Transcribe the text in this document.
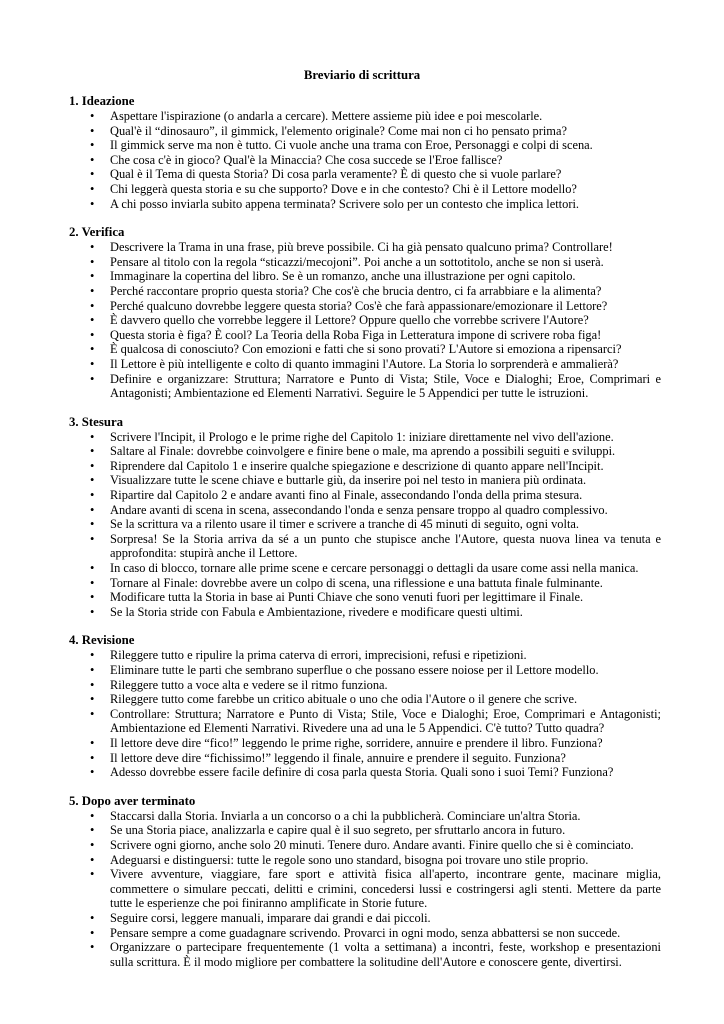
Breviario di scrittura
1. Ideazione
• Aspettare l'ispirazione (o andarla a cercare). Mettere assieme più idee e poi mescolarle.
• Qual'è il “dinosauro”, il gimmick, l'elemento originale? Come mai non ci ho pensato prima?
• Il gimmick serve ma non è tutto. Ci vuole anche una trama con Eroe, Personaggi e colpi di scena.
• Che cosa c'è in gioco? Qual'è la Minaccia? Che cosa succede se l'Eroe fallisce?
• Qual è il Tema di questa Storia? Di cosa parla veramente? È di questo che si vuole parlare?
• Chi leggerà questa storia e su che supporto? Dove e in che contesto? Chi è il Lettore modello?
• A chi posso inviarla subito appena terminata? Scrivere solo per un contesto che implica lettori.
2. Verifica
• Descrivere la Trama in una frase, più breve possibile. Ci ha già pensato qualcuno prima? Controllare!
• Pensare al titolo con la regola “sticazzi/mecojoni”. Poi anche a un sottotitolo, anche se non si userà.
• Immaginare la copertina del libro. Se è un romanzo, anche una illustrazione per ogni capitolo.
• Perché raccontare proprio questa storia? Che cos'è che brucia dentro, ci fa arrabbiare e la alimenta?
• Perché qualcuno dovrebbe leggere questa storia? Cos'è che farà appassionare/emozionare il Lettore?
• È davvero quello che vorrebbe leggere il Lettore? Oppure quello che vorrebbe scrivere l'Autore?
• Questa storia è figa? È cool? La Teoria della Roba Figa in Letteratura impone di scrivere roba figa!
• È qualcosa di conosciuto? Con emozioni e fatti che si sono provati? L'Autore si emoziona a ripensarci?
• Il Lettore è più intelligente e colto di quanto immagini l'Autore. La Storia lo sorprenderà e ammalierà?
• Definire e organizzare: Struttura; Narratore e Punto di Vista; Stile, Voce e Dialoghi; Eroe, Comprimari e Antagonisti; Ambientazione ed Elementi Narrativi. Seguire le 5 Appendici per tutte le istruzioni.
3. Stesura
• Scrivere l'Incipit, il Prologo e le prime righe del Capitolo 1: iniziare direttamente nel vivo dell'azione.
• Saltare al Finale: dovrebbe coinvolgere e finire bene o male, ma aprendo a possibili seguiti e sviluppi.
• Riprendere dal Capitolo 1 e inserire qualche spiegazione e descrizione di quanto appare nell'Incipit.
• Visualizzare tutte le scene chiave e buttarle giù, da inserire poi nel testo in maniera più ordinata.
• Ripartire dal Capitolo 2 e andare avanti fino al Finale, assecondando l'onda della prima stesura.
• Andare avanti di scena in scena, assecondando l'onda e senza pensare troppo al quadro complessivo.
• Se la scrittura va a rilento usare il timer e scrivere a tranche di 45 minuti di seguito, ogni volta.
• Sorpresa! Se la Storia arriva da sé a un punto che stupisce anche l'Autore, questa nuova linea va tenuta e approfondita: stupirà anche il Lettore.
• In caso di blocco, tornare alle prime scene e cercare personaggi o dettagli da usare come assi nella manica.
• Tornare al Finale: dovrebbe avere un colpo di scena, una riflessione e una battuta finale fulminante.
• Modificare tutta la Storia in base ai Punti Chiave che sono venuti fuori per legittimare il Finale.
• Se la Storia stride con Fabula e Ambientazione, rivedere e modificare questi ultimi.
4. Revisione
• Rileggere tutto e ripulire la prima caterva di errori, imprecisioni, refusi e ripetizioni.
• Eliminare tutte le parti che sembrano superflue o che possano essere noiose per il Lettore modello.
• Rileggere tutto a voce alta e vedere se il ritmo funziona.
• Rileggere tutto come farebbe un critico abituale o uno che odia l'Autore o il genere che scrive.
• Controllare: Struttura; Narratore e Punto di Vista; Stile, Voce e Dialoghi; Eroe, Comprimari e Antagonisti; Ambientazione ed Elementi Narrativi. Rivedere una ad una le 5 Appendici. C'è tutto? Tutto quadra?
• Il lettore deve dire “fico!” leggendo le prime righe, sorridere, annuire e prendere il libro. Funziona?
• Il lettore deve dire “fichissimo!” leggendo il finale, annuire e prendere il seguito. Funziona?
• Adesso dovrebbe essere facile definire di cosa parla questa Storia. Quali sono i suoi Temi? Funziona?
5. Dopo aver terminato
• Staccarsi dalla Storia. Inviarla a un concorso o a chi la pubblicherà. Cominciare un'altra Storia.
• Se una Storia piace, analizzarla e capire qual è il suo segreto, per sfruttarlo ancora in futuro.
• Scrivere ogni giorno, anche solo 20 minuti. Tenere duro. Andare avanti. Finire quello che si è cominciato.
• Adeguarsi e distinguersi: tutte le regole sono uno standard, bisogna poi trovare uno stile proprio.
• Vivere avventure, viaggiare, fare sport e attività fisica all'aperto, incontrare gente, macinare miglia, commettere o simulare peccati, delitti e crimini, concedersi lussi e costringersi agli stenti. Mettere da parte tutte le esperienze che poi finiranno amplificate in Storie future.
• Seguire corsi, leggere manuali, imparare dai grandi e dai piccoli.
• Pensare sempre a come guadagnare scrivendo. Provarci in ogni modo, senza abbattersi se non succede.
• Organizzare o partecipare frequentemente (1 volta a settimana) a incontri, feste, workshop e presentazioni sulla scrittura. È il modo migliore per combattere la solitudine dell'Autore e conoscere gente, divertirsi.
